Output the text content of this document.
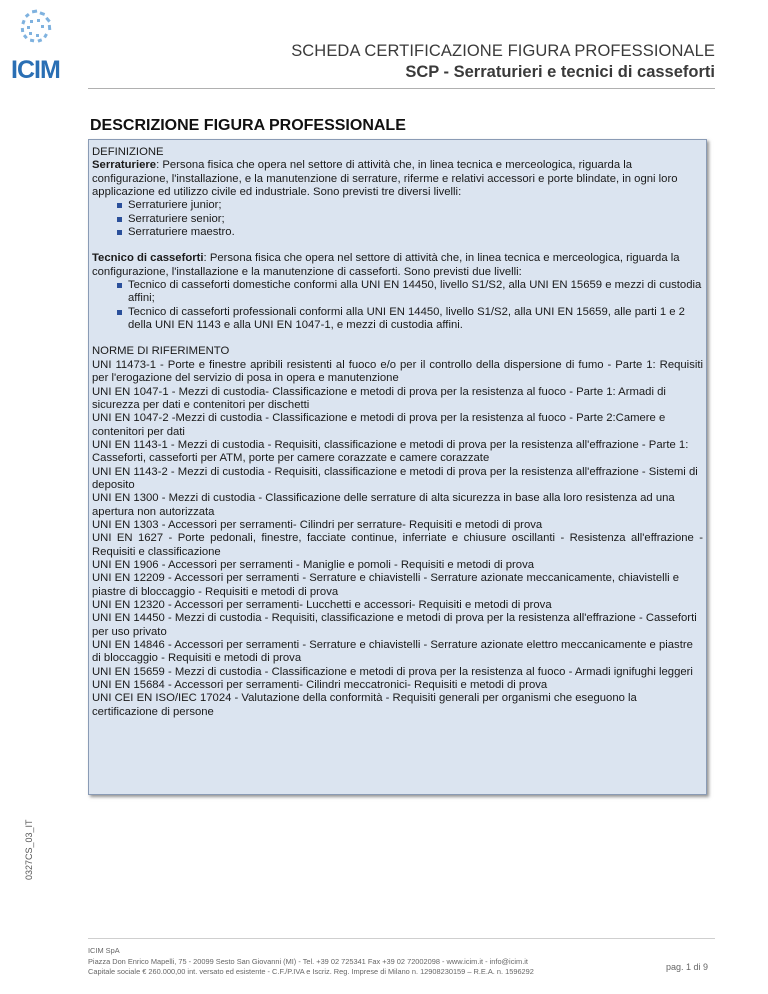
ICIM
SCHEDA CERTIFICAZIONE FIGURA PROFESSIONALE
SCP - Serraturieri e tecnici di casseforti
DESCRIZIONE FIGURA PROFESSIONALE

DEFINIZIONE

Serraturiere: Persona fisica che opera nel settore di attività che, in linea tecnica e merceologica, riguarda la configurazione, l'installazione, e la manutenzione di serrature, riferme e relativi accessori e porte blindate, in ogni loro applicazione ed utilizzo civile ed industriale. Sono previsti tre diversi livelli:

Serraturiere junior;
Serraturiere senior;
Serraturiere maestro.

Tecnico di casseforti: Persona fisica che opera nel settore di attività che, in linea tecnica e merceologica, riguarda la configurazione, l'installazione e la manutenzione di casseforti. Sono previsti due livelli:

Tecnico di casseforti domestiche conformi alla UNI EN 14450, livello S1/S2, alla UNI EN 15659 e mezzi di custodia affini;
Tecnico di casseforti professionali conformi alla UNI EN 14450, livello S1/S2, alla UNI EN 15659, alle parti 1 e 2 della UNI EN 1143 e alla UNI EN 1047-1, e mezzi di custodia affini.

NORME DI RIFERIMENTO

UNI 11473-1 - Porte e finestre apribili resistenti al fuoco e/o per il controllo della dispersione di fumo - Parte 1: Requisiti per l'erogazione del servizio di posa in opera e manutenzione

UNI EN 1047-1 - Mezzi di custodia- Classificazione e metodi di prova per la resistenza al fuoco - Parte 1: Armadi di sicurezza per dati e contenitori per dischetti

UNI EN 1047-2 -Mezzi di custodia - Classificazione e metodi di prova per la resistenza al fuoco - Parte 2:Camere e contenitori per dati

UNI EN 1143-1 - Mezzi di custodia - Requisiti, classificazione e metodi di prova per la resistenza all'effrazione - Parte 1: Casseforti, casseforti per ATM, porte per camere corazzate e camere corazzate

UNI EN 1143-2 - Mezzi di custodia - Requisiti, classificazione e metodi di prova per la resistenza all'effrazione - Sistemi di deposito

UNI EN 1300 - Mezzi di custodia - Classificazione delle serrature di alta sicurezza in base alla loro resistenza ad una apertura non autorizzata

UNI EN 1303 - Accessori per serramenti- Cilindri per serrature- Requisiti e metodi di prova

UNI EN 1627 - Porte pedonali, finestre, facciate continue, inferriate e chiusure oscillanti - Resistenza all'effrazione - Requisiti e classificazione

UNI EN 1906 - Accessori per serramenti - Maniglie e pomoli - Requisiti e metodi di prova

UNI EN 12209 - Accessori per serramenti - Serrature e chiavistelli - Serrature azionate meccanicamente, chiavistelli e piastre di bloccaggio - Requisiti e metodi di prova

UNI EN 12320 - Accessori per serramenti- Lucchetti e accessori- Requisiti e metodi di prova

UNI EN 14450 - Mezzi di custodia - Requisiti, classificazione e metodi di prova per la resistenza all'effrazione - Casseforti per uso privato

UNI EN 14846 - Accessori per serramenti - Serrature e chiavistelli - Serrature azionate elettro meccanicamente e piastre di bloccaggio - Requisiti e metodi di prova

UNI EN 15659 - Mezzi di custodia - Classificazione e metodi di prova per la resistenza al fuoco - Armadi ignifughi leggeri

UNI EN 15684 - Accessori per serramenti- Cilindri meccatronici- Requisiti e metodi di prova

UNI CEI EN ISO/IEC 17024 - Valutazione della conformità - Requisiti generali per organismi che eseguono la certificazione di persone

0327CS_03_IT
ICIM SpA
Piazza Don Enrico Mapelli, 75 - 20099 Sesto San Giovanni (MI) - Tel. +39 02 725341 Fax +39 02 72002098 - www.icim.it - info@icim.it
Capitale sociale € 260.000,00 int. versato ed esistente - C.F./P.IVA e Iscriz. Reg. Imprese di Milano n. 12908230159 – R.E.A. n. 1596292	pag. 1 di 9
